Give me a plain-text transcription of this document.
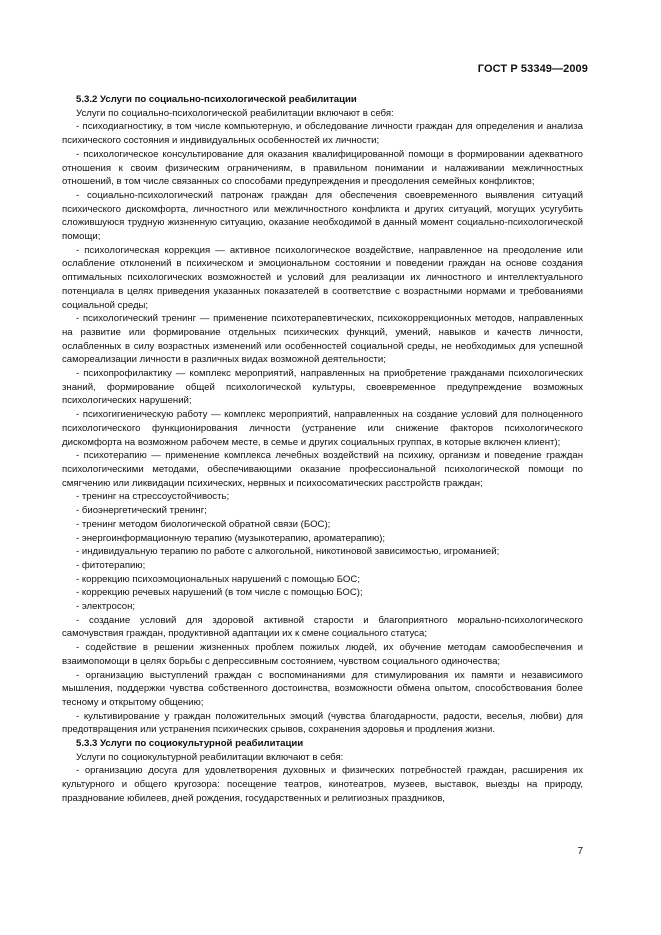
ГОСТ Р 53349—2009

5.3.2 Услуги по социально-психологической реабилитации

Услуги по социально-психологической реабилитации включают в себя:

- психодиагностику, в том числе компьютерную, и обследование личности граждан для определения и анализа психического состояния и индивидуальных особенностей их личности;

- психологическое консультирование для оказания квалифицированной помощи в формировании адекватного отношения к своим физическим ограничениям, в правильном понимании и налаживании межличностных отношений, в том числе связанных со способами предупреждения и преодоления семейных конфликтов;

- социально-психологический патронаж граждан для обеспечения своевременного выявления ситуаций психического дискомфорта, личностного или межличностного конфликта и других ситуаций, могущих усугубить сложившуюся трудную жизненную ситуацию, оказание необходимой в данный момент социально-психологической помощи;

- психологическая коррекция — активное психологическое воздействие, направленное на преодоление или ослабление отклонений в психическом и эмоциональном состоянии и поведении граждан на основе создания оптимальных психологических возможностей и условий для реализации их личностного и интеллектуального потенциала в целях приведения указанных показателей в соответствие с возрастными нормами и требованиями социальной среды;

- психологический тренинг — применение психотерапевтических, психокоррекционных методов, направленных на развитие или формирование отдельных психических функций, умений, навыков и качеств личности, ослабленных в силу возрастных изменений или особенностей социальной среды, не необходимых для успешной самореализации личности в различных видах возможной деятельности;

- психопрофилактику — комплекс мероприятий, направленных на приобретение гражданами психологических знаний, формирование общей психологической культуры, своевременное предупреждение возможных психологических нарушений;

- психогигиеническую работу — комплекс мероприятий, направленных на создание условий для полноценного психологического функционирования личности (устранение или снижение факторов психологического дискомфорта на возможном рабочем месте, в семье и других социальных группах, в которые включен клиент);

- психотерапию — применение комплекса лечебных воздействий на психику, организм и поведение граждан психологическими методами, обеспечивающими оказание профессиональной психологической помощи по смягчению или ликвидации психических, нервных и психосоматических расстройств граждан;

- тренинг на стрессоустойчивость;

- биоэнергетический тренинг;

- тренинг методом биологической обратной связи (БОС);

- энергоинформационную терапию (музыкотерапию, ароматерапию);

- индивидуальную терапию по работе с алкогольной, никотиновой зависимостью, игроманией;

- фитотерапию;

- коррекцию психоэмоциональных нарушений с помощью БОС;

- коррекцию речевых нарушений (в том числе с помощью БОС);

- электросон;

- создание условий для здоровой активной старости и благоприятного морально-психологического самочувствия граждан, продуктивной адаптации их к смене социального статуса;

- содействие в решении жизненных проблем пожилых людей, их обучение методам самообеспечения и взаимопомощи в целях борьбы с депрессивным состоянием, чувством социального одиночества;

- организацию выступлений граждан с воспоминаниями для стимулирования их памяти и независимого мышления, поддержки чувства собственного достоинства, возможности обмена опытом, способствования более тесному и открытому общению;

- культивирование у граждан положительных эмоций (чувства благодарности, радости, веселья, любви) для предотвращения или устранения психических срывов, сохранения здоровья и продления жизни.

5.3.3 Услуги по социокультурной реабилитации

Услуги по социокультурной реабилитации включают в себя:

- организацию досуга для удовлетворения духовных и физических потребностей граждан, расширения их культурного и общего кругозора: посещение театров, кинотеатров, музеев, выставок, выезды на природу, празднование юбилеев, дней рождения, государственных и религиозных праздников,

7
